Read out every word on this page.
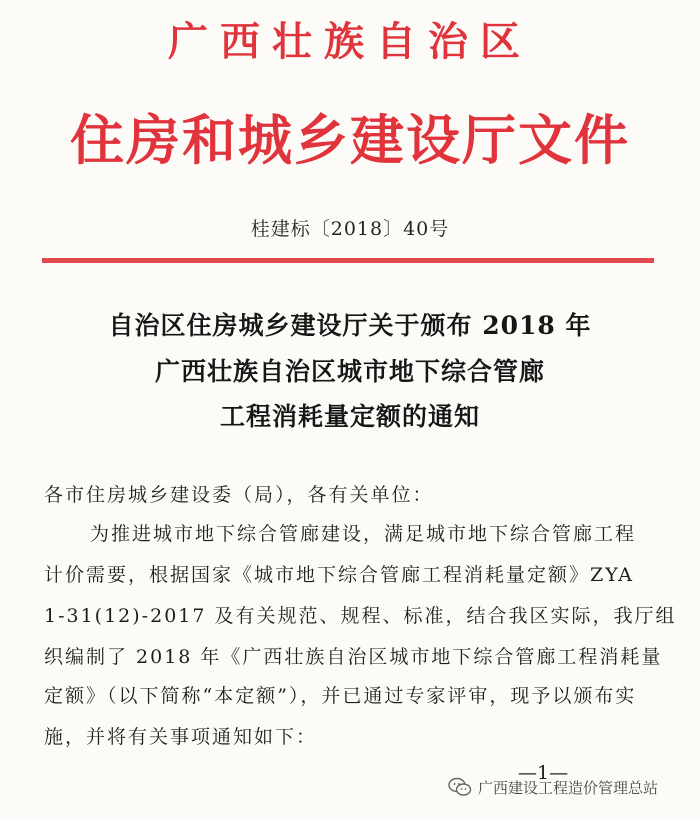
广西壮族自治区
住房和城乡建设厅文件
桂建标〔2018〕40号
自治区住房城乡建设厅关于颁布 2018 年
广西壮族自治区城市地下综合管廊
工程消耗量定额的通知
各市住房城乡建设委（局），各有关单位：
为推进城市地下综合管廊建设，满足城市地下综合管廊工程
计价需要，根据国家《城市地下综合管廊工程消耗量定额》ZYA
1-31(12)-2017 及有关规范、规程、标准，结合我区实际，我厅组
织编制了 2018 年《广西壮族自治区城市地下综合管廊工程消耗量
定额》（以下简称“本定额”），并已通过专家评审，现予以颁布实
施，并将有关事项通知如下：
—1—
广西建设工程造价管理总站
